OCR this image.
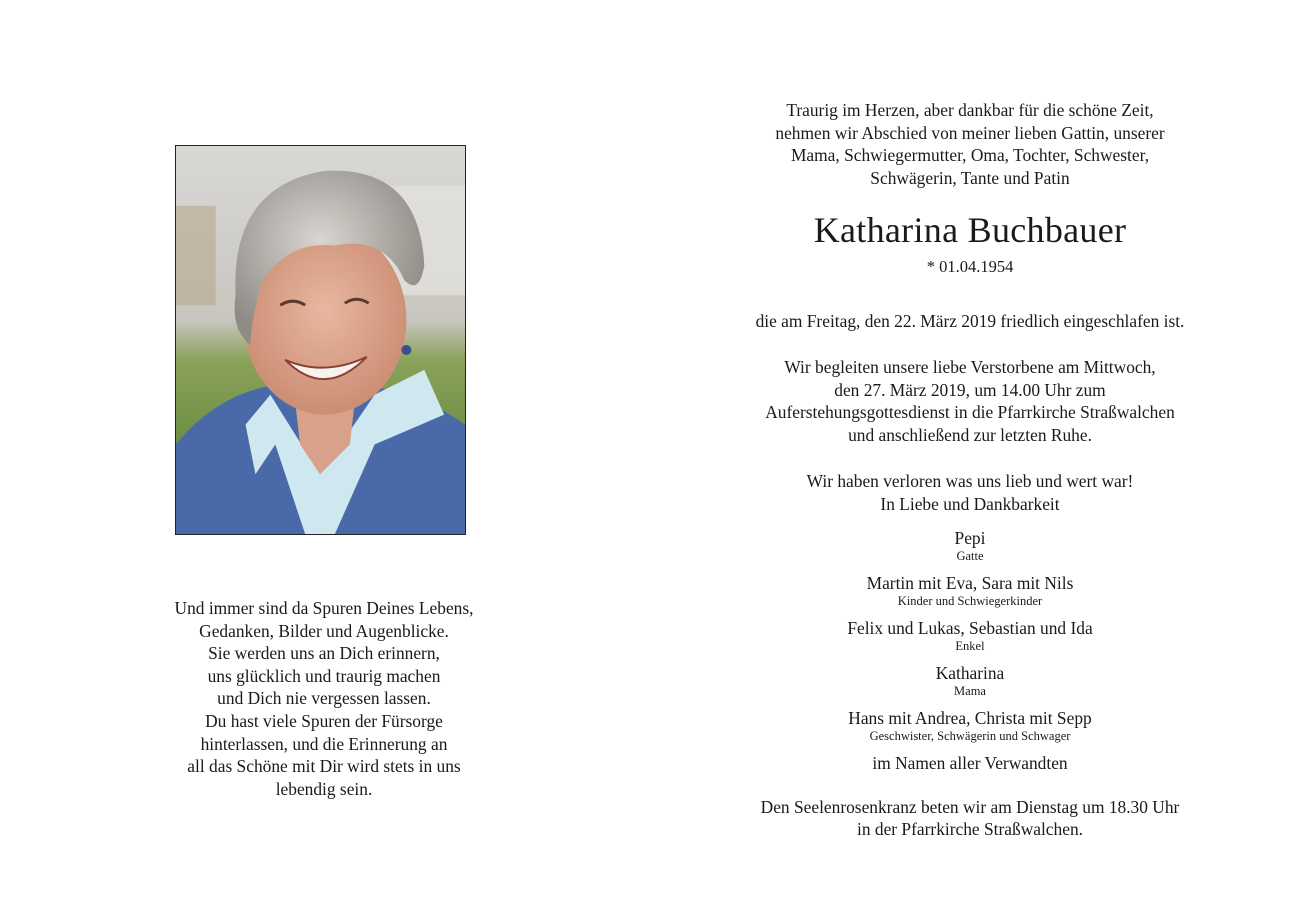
Und immer sind da Spuren Deines Lebens,
Gedanken, Bilder und Augenblicke.
Sie werden uns an Dich erinnern,
uns glücklich und traurig machen
und Dich nie vergessen lassen.
Du hast viele Spuren der Fürsorge
hinterlassen, und die Erinnerung an
all das Schöne mit Dir wird stets in uns
lebendig sein.
Traurig im Herzen, aber dankbar für die schöne Zeit,
nehmen wir Abschied von meiner lieben Gattin, unserer
Mama, Schwiegermutter, Oma, Tochter, Schwester,
Schwägerin, Tante und Patin
Katharina Buchbauer
* 01.04.1954
die am Freitag, den 22. März 2019 friedlich eingeschlafen ist.
Wir begleiten unsere liebe Verstorbene am Mittwoch,
den 27. März 2019, um 14.00 Uhr zum
Auferstehungsgottesdienst in die Pfarrkirche Straßwalchen
und anschließend zur letzten Ruhe.
Wir haben verloren was uns lieb und wert war!
In Liebe und Dankbarkeit
Pepi
Gatte
Martin mit Eva, Sara mit Nils
Kinder und Schwiegerkinder
Felix und Lukas, Sebastian und Ida
Enkel
Katharina
Mama
Hans mit Andrea, Christa mit Sepp
Geschwister, Schwägerin und Schwager
im Namen aller Verwandten
Den Seelenrosenkranz beten wir am Dienstag um 18.30 Uhr
in der Pfarrkirche Straßwalchen.
